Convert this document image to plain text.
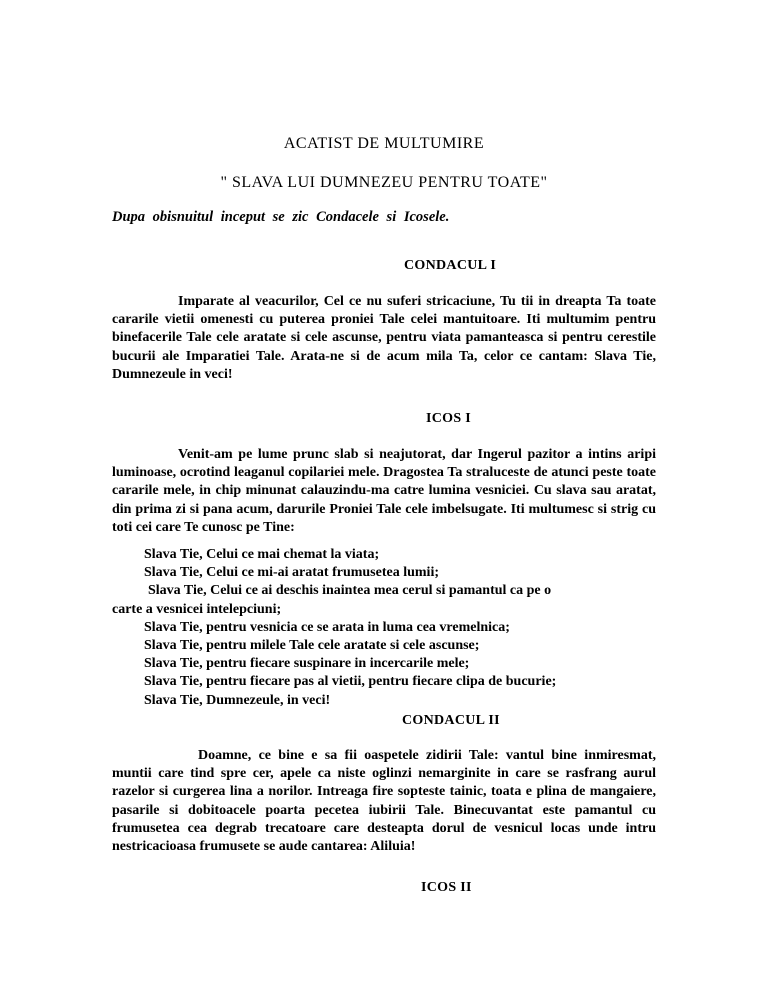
ACATIST DE MULTUMIRE
" SLAVA LUI DUMNEZEU PENTRU TOATE"

Dupa obisnuitul inceput se zic Condacele si Icosele.

CONDACUL I

Imparate al veacurilor, Cel ce nu suferi stricaciune, Tu tii in dreapta Ta toate cararile vietii omenesti cu puterea proniei Tale celei mantuitoare. Iti multumim pentru binefacerile Tale cele aratate si cele ascunse, pentru viata pamanteasca si pentru cerestile bucurii ale Imparatiei Tale. Arata-ne si de acum mila Ta, celor ce cantam: Slava Tie, Dumnezeule in veci!

ICOS I

Venit-am pe lume prunc slab si neajutorat, dar Ingerul pazitor a intins aripi luminoase, ocrotind leaganul copilariei mele. Dragostea Ta straluceste de atunci peste toate cararile mele, in chip minunat calauzindu-ma catre lumina vesniciei. Cu slava sau aratat, din prima zi si pana acum, darurile Proniei Tale cele imbelsugate. Iti multumesc si strig cu toti cei care Te cunosc pe Tine:

Slava Tie, Celui ce mai chemat la viata;
Slava Tie, Celui ce mi-ai aratat frumusetea lumii;
Slava Tie, Celui ce ai deschis inaintea mea cerul si pamantul ca pe o
carte a vesnicei intelepciuni;
Slava Tie, pentru vesnicia ce se arata in luma cea vremelnica;
Slava Tie, pentru milele Tale cele aratate si cele ascunse;
Slava Tie, pentru fiecare suspinare in incercarile mele;
Slava Tie, pentru fiecare pas al vietii, pentru fiecare clipa de bucurie;
Slava Tie, Dumnezeule, in veci!
CONDACUL II

Doamne, ce bine e sa fii oaspetele zidirii Tale: vantul bine inmiresmat, muntii care tind spre cer, apele ca niste oglinzi nemarginite in care se rasfrang aurul razelor si curgerea lina a norilor. Intreaga fire sopteste tainic, toata e plina de mangaiere, pasarile si dobitoacele poarta pecetea iubirii Tale. Binecuvantat este pamantul cu frumusetea cea degrab trecatoare care desteapta dorul de vesnicul locas unde intru nestricacioasa frumusete se aude cantarea: Aliluia!

ICOS II
